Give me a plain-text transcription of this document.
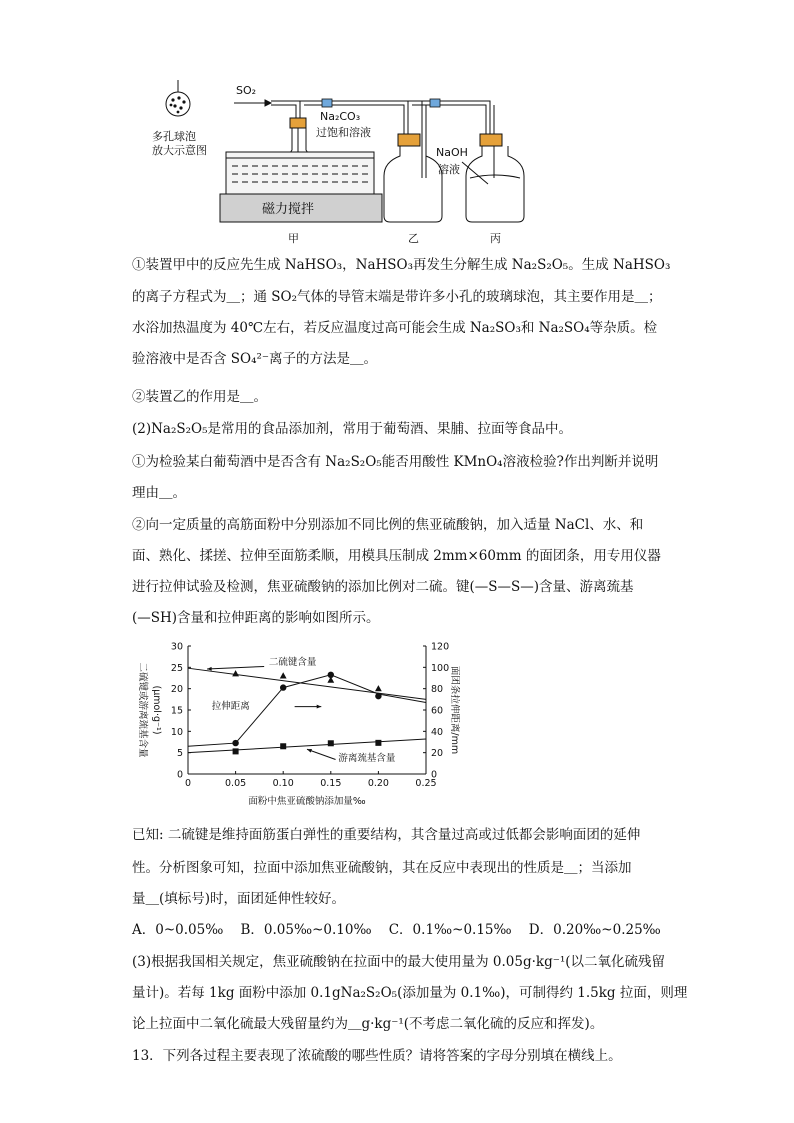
SO₂
多孔球泡
放大示意图
Na₂CO₃
过饱和溶液
磁力搅拌
NaOH
溶液
甲	乙	丙
①装置甲中的反应先生成 NaHSO₃，NaHSO₃再发生分解生成 Na₂S₂O₅。生成 NaHSO₃
的离子方程式为＿；通 SO₂气体的导管末端是带许多小孔的玻璃球泡，其主要作用是＿；
水浴加热温度为 40℃左右，若反应温度过高可能会生成 Na₂SO₃和 Na₂SO₄等杂质。检
验溶液中是否含 SO₄²⁻离子的方法是＿。
②装置乙的作用是＿。
(2)Na₂S₂O₅是常用的食品添加剂，常用于葡萄酒、果脯、拉面等食品中。
①为检验某白葡萄酒中是否含有 Na₂S₂O₅能否用酸性 KMnO₄溶液检验?作出判断并说明
理由＿。
②向一定质量的高筋面粉中分别添加不同比例的焦亚硫酸钠，加入适量 NaCl、水、和
面、熟化、揉搓、拉伸至面筋柔顺，用模具压制成 2mm×60mm 的面团条，用专用仪器
进行拉伸试验及检测，焦亚硫酸钠的添加比例对二硫。键(—S—S—)含量、游离巯基
(—SH)含量和拉伸距离的影响如图所示。
0	0.05	0.10	0.15	0.20	0.25
0
5
10
15
20
25
30
0
20
40
60
80
100
120
面粉中焦亚硫酸钠添加量‰
二硫键或游离巯基含量 (μmol·g⁻¹)	面团条拉伸距离/mm
二硫键含量
拉伸距离
游离巯基含量
已知: 二硫键是维持面筋蛋白弹性的重要结构，其含量过高或过低都会影响面团的延伸
性。分析图象可知，拉面中添加焦亚硫酸钠，其在反应中表现出的性质是＿；当添加
量＿(填标号)时，面团延伸性较好。
A．0~0.05‰    B．0.05‰~0.10‰    C．0.1‰~0.15‰    D．0.20‰~0.25‰
(3)根据我国相关规定，焦亚硫酸钠在拉面中的最大使用量为 0.05g·kg⁻¹(以二氧化硫残留
量计)。若每 1kg 面粉中添加 0.1gNa₂S₂O₅(添加量为 0.1‰)，可制得约 1.5kg 拉面，则理
论上拉面中二氧化硫最大残留量约为＿g·kg⁻¹(不考虑二氧化硫的反应和挥发)。
13．下列各过程主要表现了浓硫酸的哪些性质？请将答案的字母分别填在横线上。
